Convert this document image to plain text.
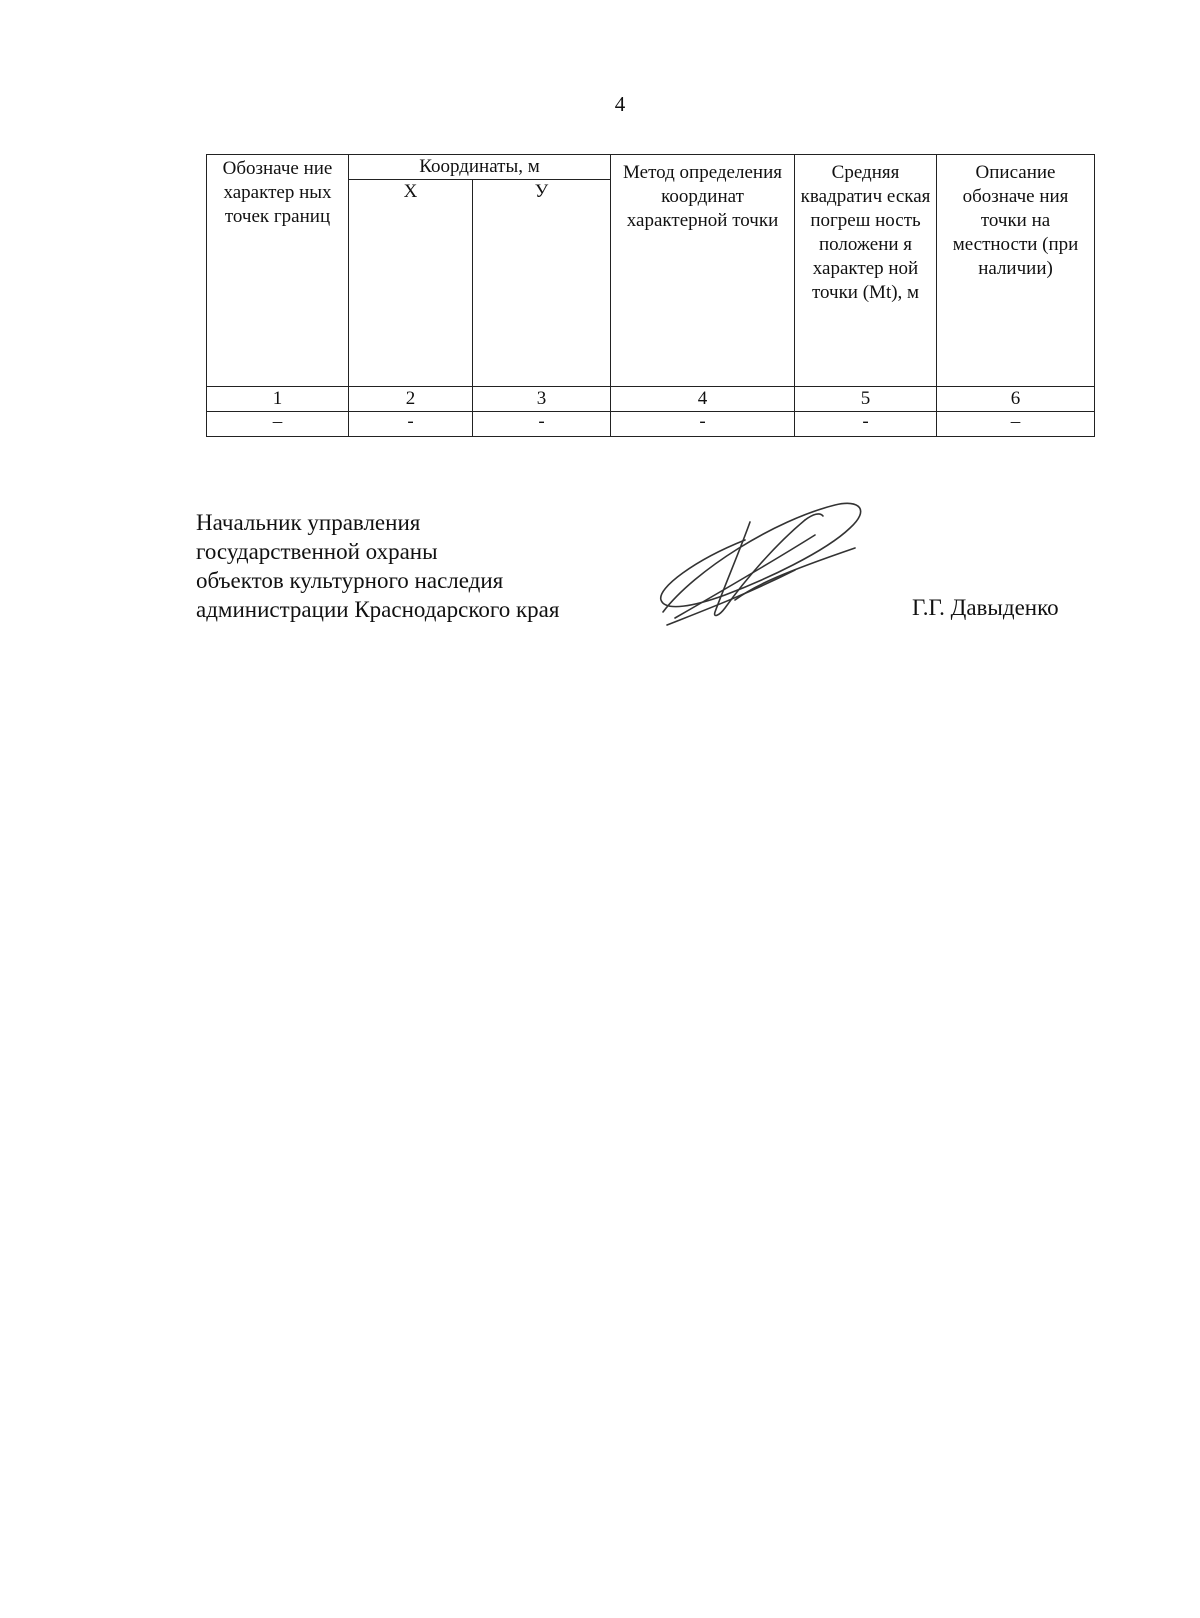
4
Обозначе ние характер ных точек границ	Координаты, м		Метод определения координат характерной точки	Средняя квадратич еская погреш ность положени я характер ной точки (Mt), м	Описание обозначе ния точки на местности (при наличии)
	Х	У			
1	2	3	4	5	6
–	-	-	-	-	–
Начальник управления
государственной охраны
объектов культурного наследия
администрации Краснодарского края	Г.Г. Давыденко
